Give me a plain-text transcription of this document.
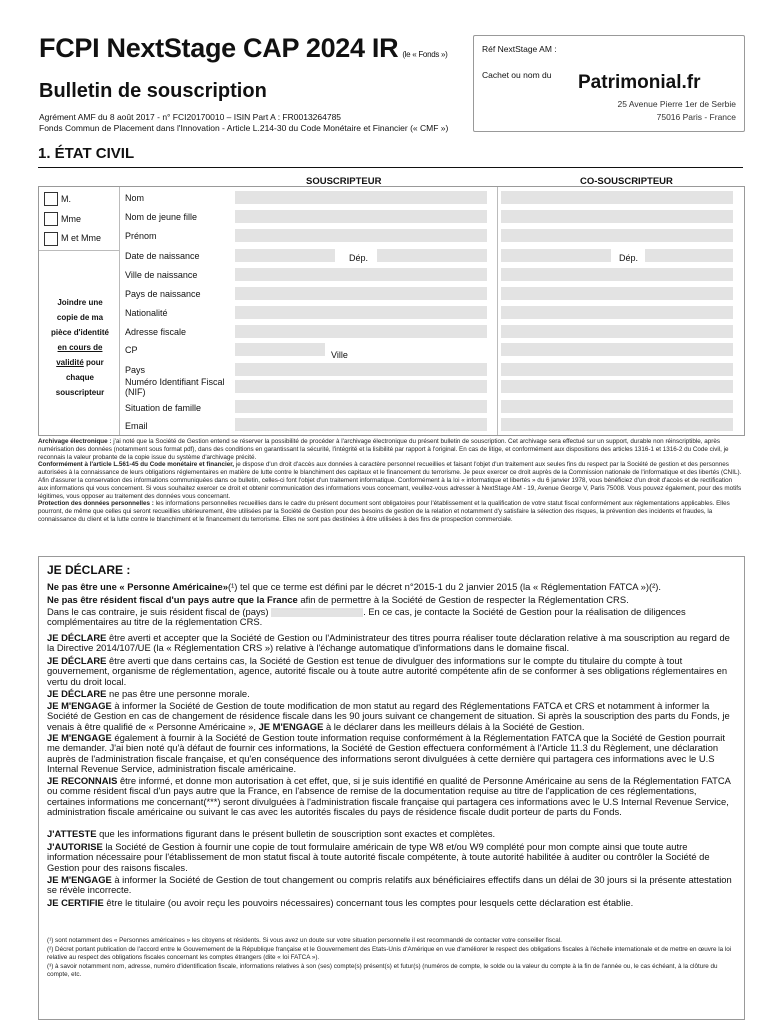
FCPI NextStage CAP 2024 IR (le « Fonds »)
Bulletin de souscription
Agrément AMF du 8 août 2017 - n° FCI20170010 – ISIN Part A : FR0013264785
Fonds Commun de Placement dans l'Innovation - Article L.214-30 du Code Monétaire et Financier (« CMF »)
Réf NextStage AM :
Cachet ou nom du Patrimonial.fr
25 Avenue Pierre 1er de Serbie
75016 Paris - France
1. ÉTAT CIVIL
SOUSCRIPTEUR	CO-SOUSCRIPTEUR
M.
Mme
M et Mme
Joindre une
copie de ma
pièce d'identité
en cours de
validité pour
chaque
souscripteur
Nom
Nom de jeune fille
Prénom
Date de naissance	Dép.	Dép.
Ville de naissance
Pays de naissance
Nationalité
Adresse fiscale
CP	Ville
Pays
Numéro Identifiant Fiscal (NIF)
Situation de famille
Email
Archivage électronique : j'ai noté que la Société de Gestion entend se réserver la possibilité de procéder à l'archivage électronique du présent bulletin de souscription. Cet archivage sera effectué sur un support, durable non réinscriptible, après numérisation des données (notamment sous format pdf), dans des conditions en garantissant la sécurité, l'intégrité et la lisibilité par rapport à l'original. En cas de litige, et conformément aux dispositions des articles 1316-1 et 1316-2 du Code civil, je reconnais la valeur probante de la copie issue du système d'archivage précité.
Conformément à l'article L.561-45 du Code monétaire et financier, je dispose d'un droit d'accès aux données à caractère personnel recueillies et faisant l'objet d'un traitement aux seules fins du respect par la Société de gestion et des personnes autorisées à la connaissance de leurs obligations réglementaires en matière de lutte contre le blanchiment des capitaux et le financement du terrorisme. Je peux exercer ce droit auprès de la Commission nationale de l'informatique et des libertés (CNIL). Afin d'assurer la conservation des informations communiquées dans ce bulletin, celles-ci font l'objet d'un traitement informatique. Conformément à la loi « informatique et libertés » du 6 janvier 1978, vous bénéficiez d'un droit d'accès et de rectification aux informations qui vous concernent. Si vous souhaitez exercer ce droit et obtenir communication des informations vous concernant, veuillez-vous adresser à NextStage AM - 19, Avenue George V, Paris 75008. Vous pouvez également, pour des motifs légitimes, vous opposer au traitement des données vous concernant.
Protection des données personnelles : les informations personnelles recueillies dans le cadre du présent document sont obligatoires pour l'établissement et la qualification de votre statut fiscal conformément aux réglementations applicables. Elles pourront, de même que celles qui seront recueillies ultérieurement, être utilisées par la Société de Gestion pour des besoins de gestion de la relation et notamment d'y satisfaire la sélection des risques, la prévention des incidents et fraudes, la connaissance du client et la lutte contre le blanchiment et le financement du terrorisme. Elles ne sont pas destinées à être utilisées à des fins de prospection commerciale.
JE DÉCLARE :
Ne pas être une « Personne Américaine»(¹) tel que ce terme est défini par le décret n°2015-1 du 2 janvier 2015 (la « Réglementation FATCA »)(²).
Ne pas être résident fiscal d'un pays autre que la France afin de permettre à la Société de Gestion de respecter la Réglementation CRS.
Dans le cas contraire, je suis résident fiscal de (pays)	. En ce cas, je contacte la Société de Gestion pour la réalisation de diligences complémentaires au titre de la réglementation CRS.
JE DÉCLARE être averti et accepter que la Société de Gestion ou l'Administrateur des titres pourra réaliser toute déclaration relative à ma souscription au regard de la Directive 2014/107/UE (la « Réglementation CRS ») relative à l'échange automatique d'informations dans le domaine fiscal.
JE DÉCLARE être averti que dans certains cas, la Société de Gestion est tenue de divulguer des informations sur le compte du titulaire du compte à tout gouvernement, organisme de réglementation, agence, autorité fiscale ou à toute autre autorité compétente afin de se conformer à ses obligations réglementaires en vertu du droit local.
JE DÉCLARE ne pas être une personne morale.
JE M'ENGAGE à informer la Société de Gestion de toute modification de mon statut au regard des Réglementations FATCA et CRS et notamment à informer la Société de Gestion en cas de changement de résidence fiscale dans les 90 jours suivant ce changement de situation. Si après la souscription des parts du Fonds, je venais à être qualifié de « Personne Américaine », JE M'ENGAGE à le déclarer dans les meilleurs délais à la Société de Gestion.
JE M'ENGAGE également à fournir à la Société de Gestion toute information requise conformément à la Réglementation FATCA que la Société de Gestion pourrait me demander. J'ai bien noté qu'à défaut de fournir ces informations, la Société de Gestion effectuera conformément à l'Article 11.3 du Règlement, une déclaration auprès de l'administration fiscale française, et qu'en conséquence des informations seront divulguées à cette dernière qui partagera ces informations avec le U.S Internal Revenue Service, administration fiscale américaine.
JE RECONNAIS être informé, et donne mon autorisation à cet effet, que, si je suis identifié en qualité de Personne Américaine au sens de la Réglementation FATCA ou comme résident fiscal d'un pays autre que la France, en l'absence de remise de la documentation requise au titre de l'application de ces réglementations, certaines informations me concernant(***) seront divulguées à l'administration fiscale française qui partagera ces informations avec le U.S Internal Revenue Service, administration fiscale américaine ou suivant le cas avec les autorités fiscales du pays de résidence fiscale dudit porteur de parts du Fonds.
J'ATTESTE que les informations figurant dans le présent bulletin de souscription sont exactes et complètes.
J'AUTORISE la Société de Gestion à fournir une copie de tout formulaire américain de type W8 et/ou W9 complété pour mon compte ainsi que toute autre information nécessaire pour l'établissement de mon statut fiscal à toute autorité fiscale compétente, à toute autorité habilitée à auditer ou contrôler la Société de Gestion pour des raisons fiscales.
JE M'ENGAGE à informer la Société de Gestion de tout changement ou compris relatifs aux bénéficiaires effectifs dans un délai de 30 jours si la présente attestation se révèle incorrecte.
JE CERTIFIE être le titulaire (ou avoir reçu les pouvoirs nécessaires) concernant tous les comptes pour lesquels cette déclaration est établie.
(¹) sont notamment des « Personnes américaines » les citoyens et résidents. Si vous avez un doute sur votre situation personnelle il est recommandé de contacter votre conseiller fiscal.
(²) Décret portant publication de l'accord entre le Gouvernement de la République française et le Gouvernement des Etats-Unis d'Amérique en vue d'améliorer le respect des obligations fiscales à l'échelle internationale et de mettre en œuvre la loi relative au respect des obligations fiscales concernant les comptes étrangers (dite « loi FATCA »).
(³) à savoir notamment nom, adresse, numéro d'identification fiscale, informations relatives à son (ses) compte(s) présent(s) et futur(s) (numéros de compte, le solde ou la valeur du compte à la fin de l'année ou, le cas échéant, à la clôture du compte, etc.
